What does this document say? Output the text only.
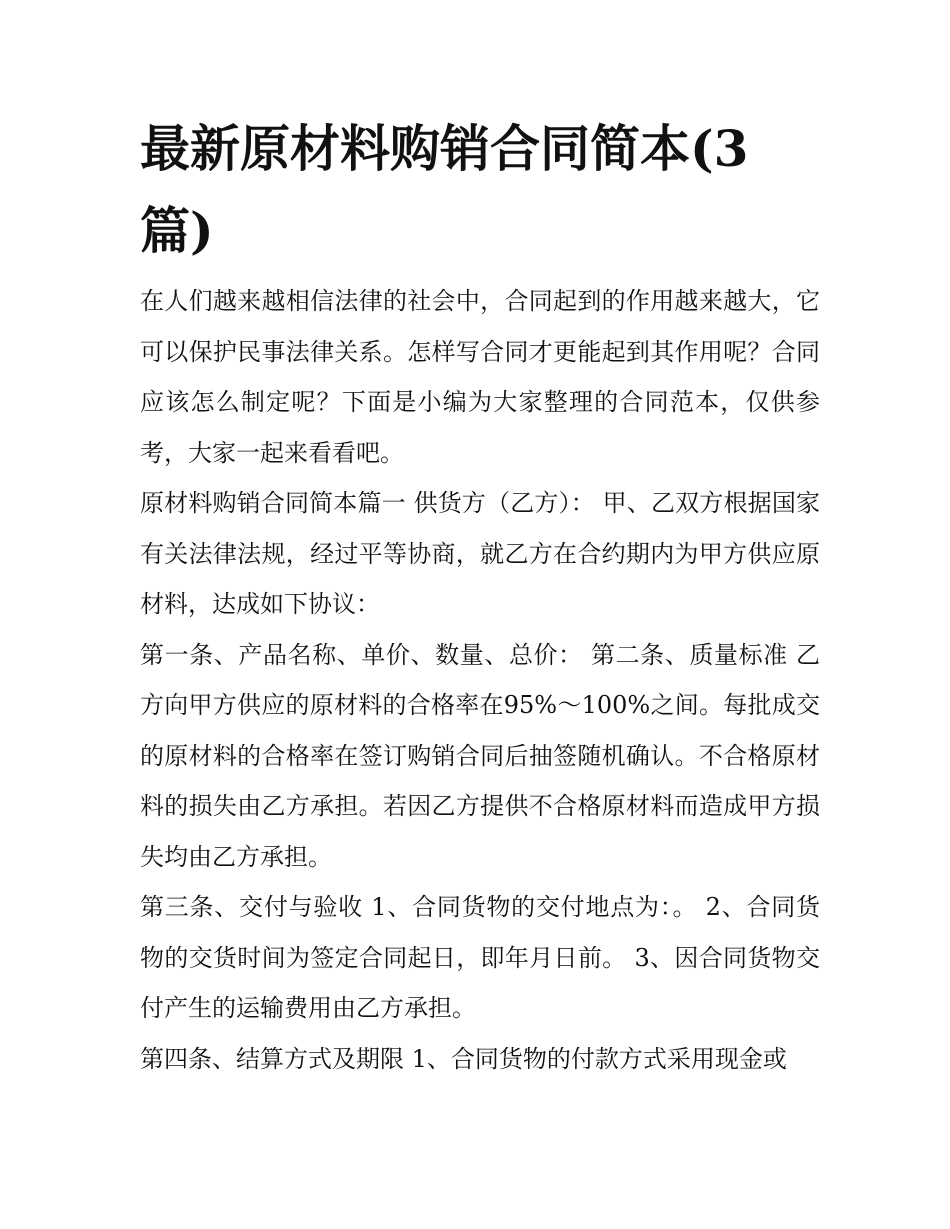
最新原材料购销合同简本(3篇)

在人们越来越相信法律的社会中，合同起到的作用越来越大，它可以保护民事法律关系。怎样写合同才更能起到其作用呢？合同应该怎么制定呢？下面是小编为大家整理的合同范本，仅供参考，大家一起来看看吧。

原材料购销合同简本篇一 供货方（乙方）： 甲、乙双方根据国家有关法律法规，经过平等协商，就乙方在合约期内为甲方供应原材料，达成如下协议：

第一条、产品名称、单价、数量、总价： 第二条、质量标准 乙方向甲方供应的原材料的合格率在95%～100%之间。每批成交的原材料的合格率在签订购销合同后抽签随机确认。不合格原材料的损失由乙方承担。若因乙方提供不合格原材料而造成甲方损失均由乙方承担。

第三条、交付与验收 1、合同货物的交付地点为：。 2、合同货物的交货时间为签定合同起日，即年月日前。 3、因合同货物交付产生的运输费用由乙方承担。

第四条、结算方式及期限 1、合同货物的付款方式采用现金或
